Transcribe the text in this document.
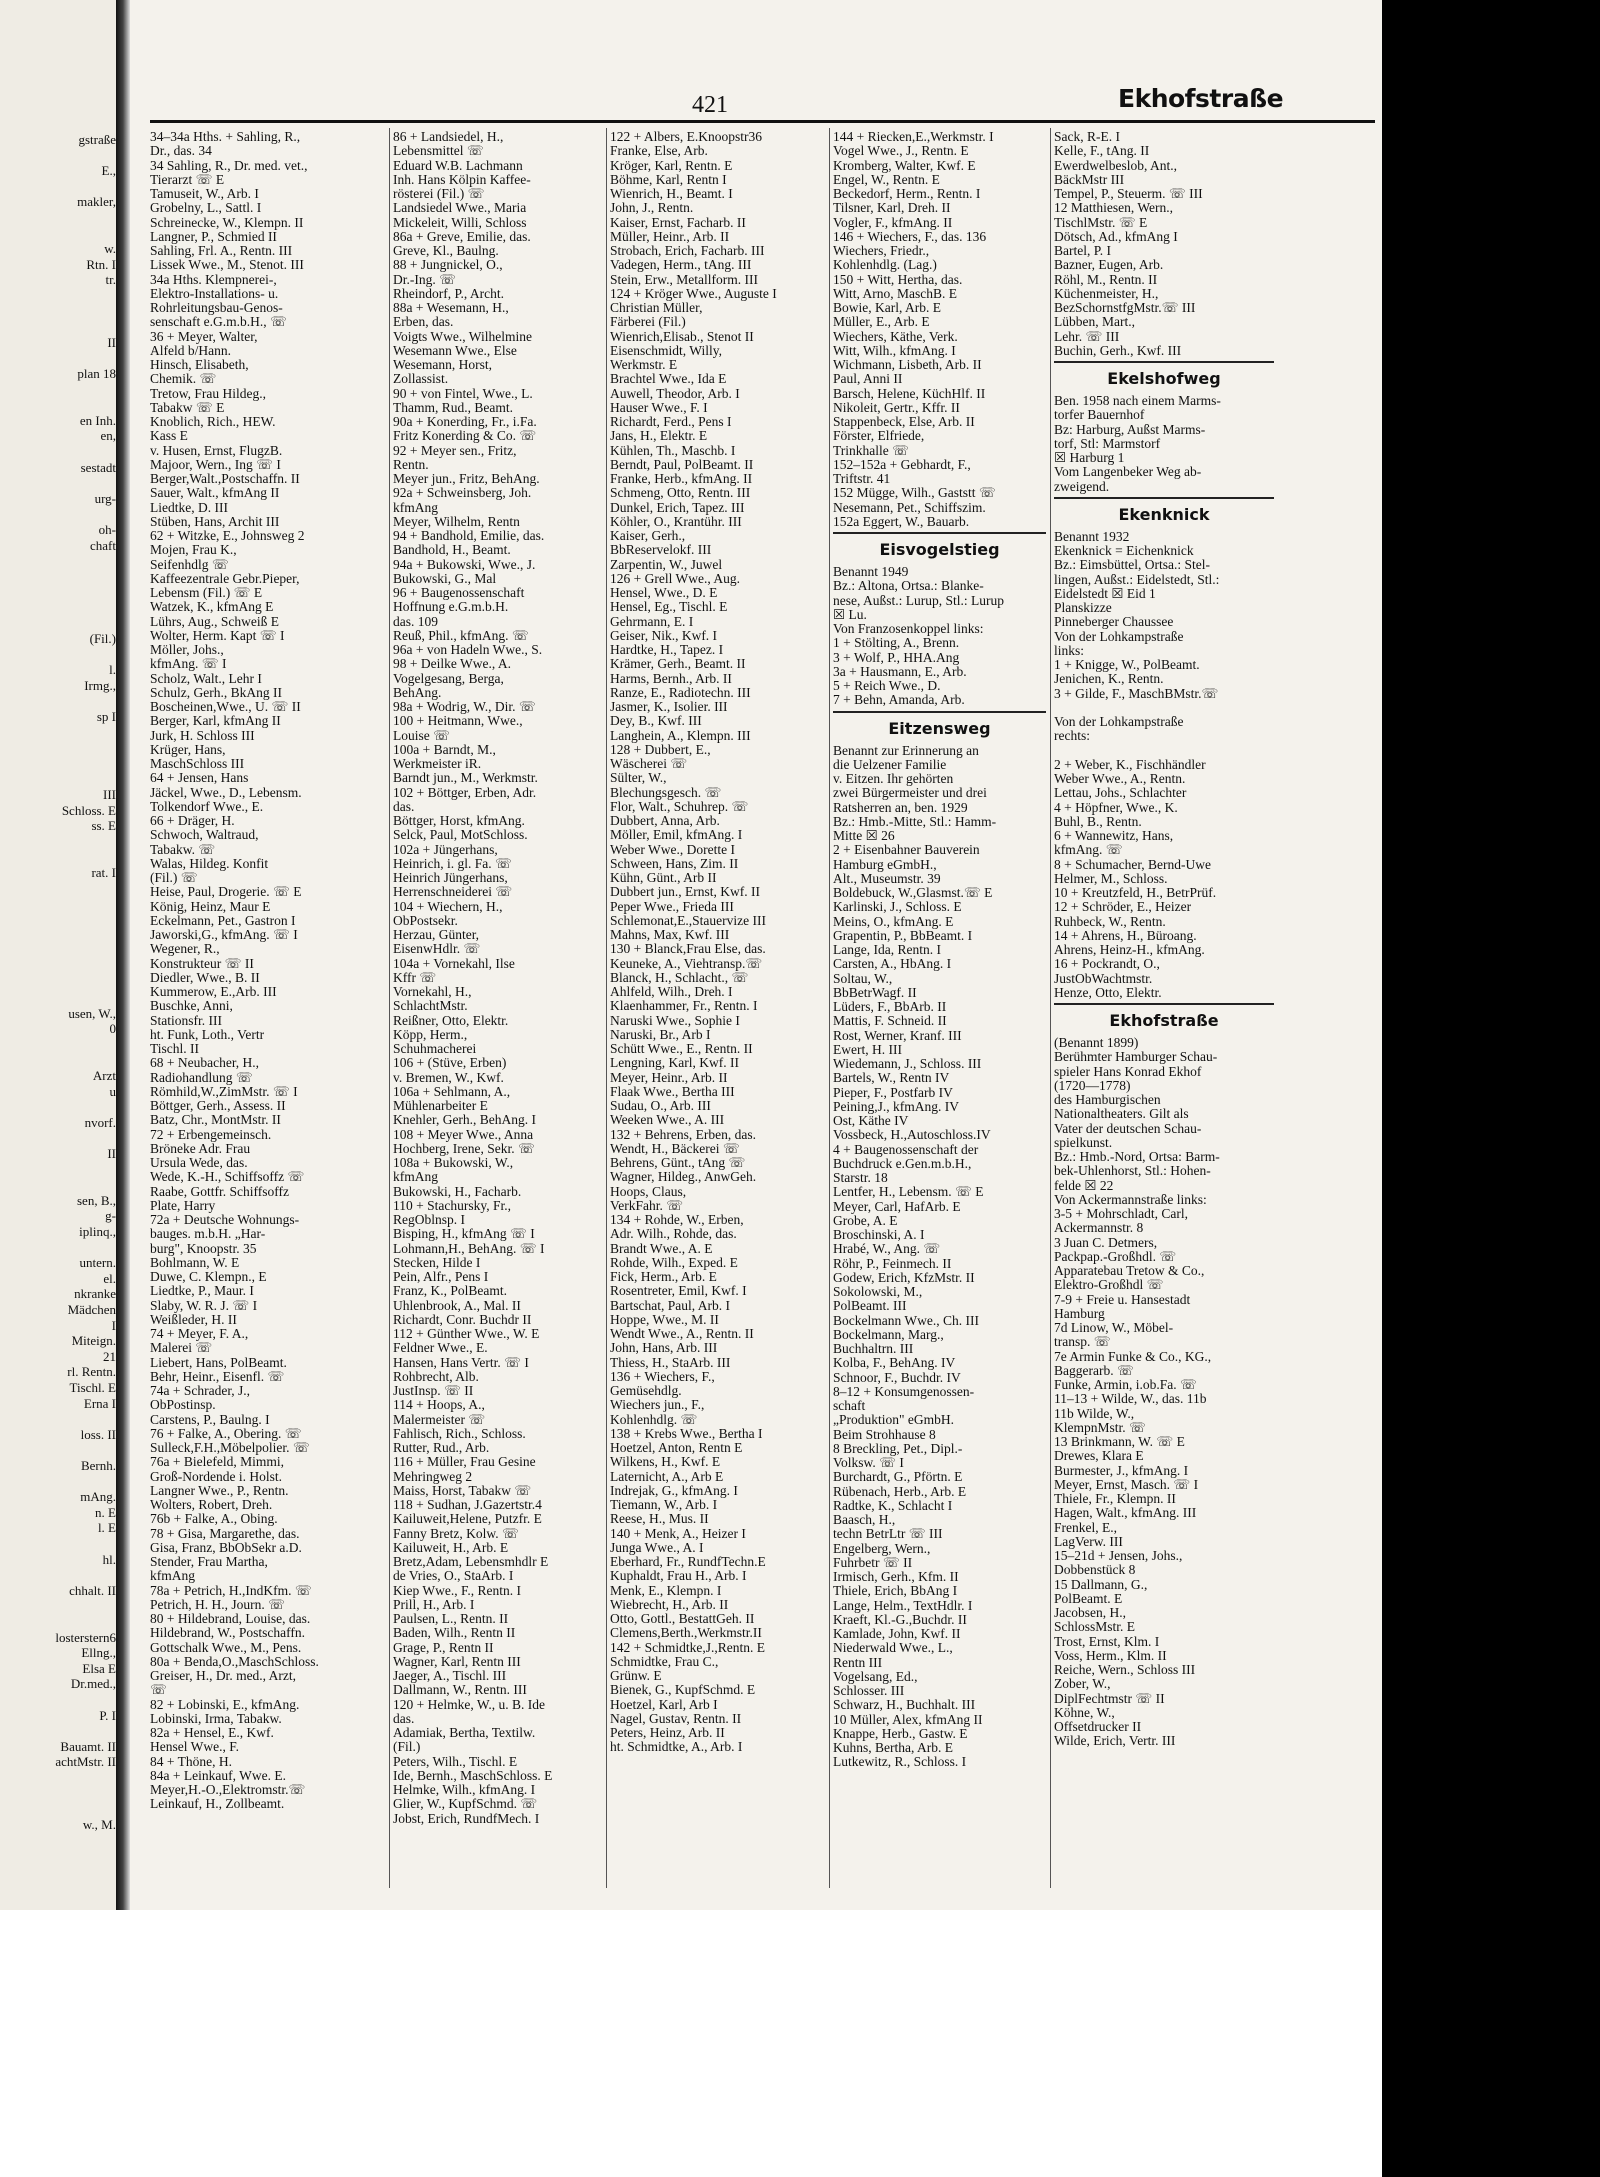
gstraße
E.,
makler,
w.
Rtn. I
tr.
II
plan 18
en Inh.
en,
sestadt
urg-
oh-
chaft
(Fil.)
l.
Irmg.,
sp I
III
Schloss. E
ss. E
rat. I
usen, W.,
0
Arzt
u
nvorf.
II
sen, B.,
g-
iplinq.,
untern.
el.
nkranke
Mädchen
I
Miteign.
21
rl. Rentn.
Tischl. E
Erna I
loss. II
Bernh.
mAng.
n. E
l. E
hl.
chhalt. II
losterstern6
Ellng.,
Elsa E
Dr.med.,
P. I
Bauamt. II
achtMstr. II
w., M.
421	Ekhofstraße
34–34a Hths. + Sahling, R.,
Dr., das. 34
34 Sahling, R., Dr. med. vet.,
Tierarzt ☏ E
Tamuseit, W., Arb. I
Grobelny, L., Sattl. I
Schreinecke, W., Klempn. II
Langner, P., Schmied II
Sahling, Frl. A., Rentn. III
Lissek Wwe., M., Stenot. III
34a Hths. Klempnerei-,
Elektro-Installations- u.
Rohrleitungsbau-Genos-
senschaft e.G.m.b.H., ☏
36 + Meyer, Walter,
Alfeld b/Hann.
Hinsch, Elisabeth,
Chemik. ☏
Tretow, Frau Hildeg.,
Tabakw ☏ E
Knoblich, Rich., HEW.
Kass E
v. Husen, Ernst, FlugzB.
Majoor, Wern., Ing ☏ I
Berger,Walt.,Postschaffn. II
Sauer, Walt., kfmAng II
Liedtke, D. III
Stüben, Hans, Archit III
62 + Witzke, E., Johnsweg 2
Mojen, Frau K.,
Seifenhdlg ☏
Kaffeezentrale Gebr.Pieper,
Lebensm (Fil.) ☏ E
Watzek, K., kfmAng E
Lührs, Aug., Schweiß E
Wolter, Herm. Kapt ☏ I
Möller, Johs.,
kfmAng. ☏ I
Scholz, Walt., Lehr I
Schulz, Gerh., BkAng II
Boscheinen,Wwe., U. ☏ II
Berger, Karl, kfmAng II
Jurk, H. Schloss III
Krüger, Hans,
MaschSchloss III
64 + Jensen, Hans
Jäckel, Wwe., D., Lebensm.
Tolkendorf Wwe., E.
66 + Dräger, H.
Schwoch, Waltraud,
Tabakw. ☏
Walas, Hildeg. Konfit
(Fil.) ☏
Heise, Paul, Drogerie. ☏ E
König, Heinz, Maur E
Eckelmann, Pet., Gastron I
Jaworski,G., kfmAng. ☏ I
Wegener, R.,
Konstrukteur ☏ II
Diedler, Wwe., B. II
Kummerow, E.,Arb. III
Buschke, Anni,
Stationsfr. III
ht. Funk, Loth., Vertr
Tischl. II
68 + Neubacher, H.,
Radiohandlung ☏
Römhild,W.,ZimMstr. ☏ I
Böttger, Gerh., Assess. II
Batz, Chr., MontMstr. II
72 + Erbengemeinsch.
Bröneke Adr. Frau
Ursula Wede, das.
Wede, K.-H., Schiffsoffz ☏
Raabe, Gottfr. Schiffsoffz
Plate, Harry
72a + Deutsche Wohnungs-
bauges. m.b.H. „Har-
burg", Knoopstr. 35
Bohlmann, W. E
Duwe, C. Klempn., E
Liedtke, P., Maur. I
Slaby, W. R. J. ☏ I
Weißleder, H. II
74 + Meyer, F. A.,
Malerei ☏
Liebert, Hans, PolBeamt.
Behr, Heinr., Eisenfl. ☏
74a + Schrader, J.,
ObPostinsp.
Carstens, P., Baulng. I
76 + Falke, A., Obering. ☏
Sulleck,F.H.,Möbelpolier. ☏
76a + Bielefeld, Mimmi,
Groß-Nordende i. Holst.
Langner Wwe., P., Rentn.
Wolters, Robert, Dreh.
76b + Falke, A., Obing.
78 + Gisa, Margarethe, das.
Gisa, Franz, BbObSekr a.D.
Stender, Frau Martha,
kfmAng
78a + Petrich, H.,IndKfm. ☏
Petrich, H. H., Journ. ☏
80 + Hildebrand, Louise, das.
Hildebrand, W., Postschaffn.
Gottschalk Wwe., M., Pens.
80a + Benda,O.,MaschSchloss.
Greiser, H., Dr. med., Arzt,
☏
82 + Lobinski, E., kfmAng.
Lobinski, Irma, Tabakw.
82a + Hensel, E., Kwf.
Hensel Wwe., F.
84 + Thöne, H.
84a + Leinkauf, Wwe. E.
Meyer,H.-O.,Elektromstr.☏
Leinkauf, H., Zollbeamt.
86 + Landsiedel, H.,
Lebensmittel ☏
Eduard W.B. Lachmann
Inh. Hans Kölpin Kaffee-
rösterei (Fil.) ☏
Landsiedel Wwe., Maria
Mickeleit, Willi, Schloss
86a + Greve, Emilie, das.
Greve, Kl., Baulng.
88 + Jungnickel, O.,
Dr.-Ing. ☏
Rheindorf, P., Archt.
88a + Wesemann, H.,
Erben, das.
Voigts Wwe., Wilhelmine
Wesemann Wwe., Else
Wesemann, Horst,
Zollassist.
90 + von Fintel, Wwe., L.
Thamm, Rud., Beamt.
90a + Konerding, Fr., i.Fa.
Fritz Konerding & Co. ☏
92 + Meyer sen., Fritz,
Rentn.
Meyer jun., Fritz, BehAng.
92a + Schweinsberg, Joh.
kfmAng
Meyer, Wilhelm, Rentn
94 + Bandhold, Emilie, das.
Bandhold, H., Beamt.
94a + Bukowski, Wwe., J.
Bukowski, G., Mal
96 + Baugenossenschaft
Hoffnung e.G.m.b.H.
das. 109
Reuß, Phil., kfmAng. ☏
96a + von Hadeln Wwe., S.
98 + Deilke Wwe., A.
Vogelgesang, Berga,
BehAng.
98a + Wodrig, W., Dir. ☏
100 + Heitmann, Wwe.,
Louise ☏
100a + Barndt, M.,
Werkmeister iR.
Barndt jun., M., Werkmstr.
102 + Böttger, Erben, Adr.
das.
Böttger, Horst, kfmAng.
Selck, Paul, MotSchloss.
102a + Jüngerhans,
Heinrich, i. gl. Fa. ☏
Heinrich Jüngerhans,
Herrenschneiderei ☏
104 + Wiechern, H.,
ObPostsekr.
Herzau, Günter,
EisenwHdlr. ☏
104a + Vornekahl, Ilse
Kffr ☏
Vornekahl, H.,
SchlachtMstr.
Reißner, Otto, Elektr.
Köpp, Herm.,
Schuhmacherei
106 + (Stüve, Erben)
v. Bremen, W., Kwf.
106a + Sehlmann, A.,
Mühlenarbeiter E
Knehler, Gerh., BehAng. I
108 + Meyer Wwe., Anna
Hochberg, Irene, Sekr. ☏
108a + Bukowski, W.,
kfmAng
Bukowski, H., Facharb.
110 + Stachursky, Fr.,
RegOblnsp. I
Bisping, H., kfmAng ☏ I
Lohmann,H., BehAng. ☏ I
Stecken, Hilde I
Pein, Alfr., Pens I
Franz, K., PolBeamt.
Uhlenbrook, A., Mal. II
Richardt, Conr. Buchdr II
112 + Günther Wwe., W. E
Feldner Wwe., E.
Hansen, Hans Vertr. ☏ I
Rohbrecht, Alb.
JustInsp. ☏ II
114 + Hoops, A.,
Malermeister ☏
Fahlisch, Rich., Schloss.
Rutter, Rud., Arb.
116 + Müller, Frau Gesine
Mehringweg 2
Maiss, Horst, Tabakw ☏
118 + Sudhan, J.Gazertstr.4
Kailuweit,Helene, Putzfr. E
Fanny Bretz, Kolw. ☏
Kailuweit, H., Arb. E
Bretz,Adam, Lebensmhdlr E
de Vries, O., StaArb. I
Kiep Wwe., F., Rentn. I
Prill, H., Arb. I
Paulsen, L., Rentn. II
Baden, Wilh., Rentn II
Grage, P., Rentn II
Wagner, Karl, Rentn III
Jaeger, A., Tischl. III
Dallmann, W., Rentn. III
120 + Helmke, W., u. B. Ide
das.
Adamiak, Bertha, Textilw.
(Fil.)
Peters, Wilh., Tischl. E
Ide, Bernh., MaschSchloss. E
Helmke, Wilh., kfmAng. I
Glier, W., KupfSchmd. ☏
Jobst, Erich, RundfMech. I
122 + Albers, E.Knoopstr36
Franke, Else, Arb.
Kröger, Karl, Rentn. E
Böhme, Karl, Rentn I
Wienrich, H., Beamt. I
John, J., Rentn.
Kaiser, Ernst, Facharb. II
Müller, Heinr., Arb. II
Strobach, Erich, Facharb. III
Vadegen, Herm., tAng. III
Stein, Erw., Metallform. III
124 + Kröger Wwe., Auguste I
Christian Müller,
Färberei (Fil.)
Wienrich,Elisab., Stenot II
Eisenschmidt, Willy,
Werkmstr. E
Brachtel Wwe., Ida E
Auwell, Theodor, Arb. I
Hauser Wwe., F. I
Richardt, Ferd., Pens I
Jans, H., Elektr. E
Kühlen, Th., Maschb. I
Berndt, Paul, PolBeamt. II
Franke, Herb., kfmAng. II
Schmeng, Otto, Rentn. III
Dunkel, Erich, Tapez. III
Köhler, O., Krantühr. III
Kaiser, Gerh.,
BbReservelokf. III
Zarpentin, W., Juwel
126 + Grell Wwe., Aug.
Hensel, Wwe., D. E
Hensel, Eg., Tischl. E
Gehrmann, E. I
Geiser, Nik., Kwf. I
Hardtke, H., Tapez. I
Krämer, Gerh., Beamt. II
Harms, Bernh., Arb. II
Ranze, E., Radiotechn. III
Jasmer, K., Isolier. III
Dey, B., Kwf. III
Langhein, A., Klempn. III
128 + Dubbert, E.,
Wäscherei ☏
Sülter, W.,
Blechungsgesch. ☏
Flor, Walt., Schuhrep. ☏
Dubbert, Anna, Arb.
Möller, Emil, kfmAng. I
Weber Wwe., Dorette I
Schween, Hans, Zim. II
Kühn, Günt., Arb II
Dubbert jun., Ernst, Kwf. II
Peper Wwe., Frieda III
Schlemonat,E.,Stauervize III
Mahns, Max, Kwf. III
130 + Blanck,Frau Else, das.
Keuneke, A., Viehtransp.☏
Blanck, H., Schlacht., ☏
Ahlfeld, Wilh., Dreh. I
Klaenhammer, Fr., Rentn. I
Naruski Wwe., Sophie I
Naruski, Br., Arb I
Schütt Wwe., E., Rentn. II
Lengning, Karl, Kwf. II
Meyer, Heinr., Arb. II
Flaak Wwe., Bertha III
Sudau, O., Arb. III
Weeken Wwe., A. III
132 + Behrens, Erben, das.
Wendt, H., Bäckerei ☏
Behrens, Günt., tAng ☏
Wagner, Hildeg., AnwGeh.
Hoops, Claus,
VerkFahr. ☏
134 + Rohde, W., Erben,
Adr. Wilh., Rohde, das.
Brandt Wwe., A. E
Rohde, Wilh., Exped. E
Fick, Herm., Arb. E
Rosentreter, Emil, Kwf. I
Bartschat, Paul, Arb. I
Hoppe, Wwe., M. II
Wendt Wwe., A., Rentn. II
John, Hans, Arb. III
Thiess, H., StaArb. III
136 + Wiechers, F.,
Gemüsehdlg.
Wiechers jun., F.,
Kohlenhdlg. ☏
138 + Krebs Wwe., Bertha I
Hoetzel, Anton, Rentn E
Wilkens, H., Kwf. E
Laternicht, A., Arb E
Indrejak, G., kfmAng. I
Tiemann, W., Arb. I
Reese, H., Mus. II
140 + Menk, A., Heizer I
Junga Wwe., A. I
Eberhard, Fr., RundfTechn.E
Kuphaldt, Frau H., Arb. I
Menk, E., Klempn. I
Wiebrecht, H., Arb. II
Otto, Gottl., BestattGeh. II
Clemens,Berth.,Werkmstr.II
142 + Schmidtke,J.,Rentn. E
Schmidtke, Frau C.,
Grünw. E
Bienek, G., KupfSchmd. E
Hoetzel, Karl, Arb I
Nagel, Gustav, Rentn. II
Peters, Heinz, Arb. II
ht. Schmidtke, A., Arb. I
144 + Riecken,E.,Werkmstr. I
Vogel Wwe., J., Rentn. E
Kromberg, Walter, Kwf. E
Engel, W., Rentn. E
Beckedorf, Herm., Rentn. I
Tilsner, Karl, Dreh. II
Vogler, F., kfmAng. II
146 + Wiechers, F., das. 136
Wiechers, Friedr.,
Kohlenhdlg. (Lag.)
150 + Witt, Hertha, das.
Witt, Arno, MaschB. E
Bowie, Karl, Arb. E
Müller, E., Arb. E
Wiechers, Käthe, Verk.
Witt, Wilh., kfmAng. I
Wichmann, Lisbeth, Arb. II
Paul, Anni II
Barsch, Helene, KüchHlf. II
Nikoleit, Gertr., Kffr. II
Stappenbeck, Else, Arb. II
Förster, Elfriede,
Trinkhalle ☏
152–152a + Gebhardt, F.,
Triftstr. 41
152 Mügge, Wilh., Gaststt ☏
Nesemann, Pet., Schiffszim.
152a Eggert, W., Bauarb.
Eisvogelstieg
Benannt 1949
Bz.: Altona, Ortsa.: Blanke-
nese, Außst.: Lurup, Stl.: Lurup
☒ Lu.
Von Franzosenkoppel links:
1 + Stölting, A., Brenn.
3 + Wolf, P., HHA.Ang
3a + Hausmann, E., Arb.
5 + Reich Wwe., D.
7 + Behn, Amanda, Arb.
Eitzensweg
Benannt zur Erinnerung an
die Uelzener Familie
v. Eitzen. Ihr gehörten
zwei Bürgermeister und drei
Ratsherren an, ben. 1929
Bz.: Hmb.-Mitte, Stl.: Hamm-
Mitte ☒ 26
2 + Eisenbahner Bauverein
Hamburg eGmbH.,
Alt., Museumstr. 39
Boldebuck, W.,Glasmst.☏ E
Karlinski, J., Schloss. E
Meins, O., kfmAng. E
Grapentin, P., BbBeamt. I
Lange, Ida, Rentn. I
Carsten, A., HbAng. I
Soltau, W.,
BbBetrWagf. II
Lüders, F., BbArb. II
Mattis, F. Schneid. II
Rost, Werner, Kranf. III
Ewert, H. III
Wiedemann, J., Schloss. III
Bartels, W., Rentn IV
Pieper, F., Postfarb IV
Peining,J., kfmAng. IV
Ost, Käthe IV
Vossbeck, H.,Autoschloss.IV
4 + Baugenossenschaft der
Buchdruck e.Gen.m.b.H.,
Starstr. 18
Lentfer, H., Lebensm. ☏ E
Meyer, Carl, HafArb. E
Grobe, A. E
Broschinski, A. I
Hrabé, W., Ang. ☏
Röhr, P., Feinmech. II
Godew, Erich, KfzMstr. II
Sokolowski, M.,
PolBeamt. III
Bockelmann Wwe., Ch. III
Bockelmann, Marg.,
Buchhaltrn. III
Kolba, F., BehAng. IV
Schnoor, F., Buchdr. IV
8–12 + Konsumgenossen-
schaft
„Produktion" eGmbH.
Beim Strohhause 8
8 Breckling, Pet., Dipl.-
Volksw. ☏ I
Burchardt, G., Pförtn. E
Rübenach, Herb., Arb. E
Radtke, K., Schlacht I
Baasch, H.,
techn BetrLtr ☏ III
Engelberg, Wern.,
Fuhrbetr ☏ II
Irmisch, Gerh., Kfm. II
Thiele, Erich, BbAng I
Lange, Helm., TextHdlr. I
Kraeft, Kl.-G.,Buchdr. II
Kamlade, John, Kwf. II
Niederwald Wwe., L.,
Rentn III
Vogelsang, Ed.,
Schlosser. III
Schwarz, H., Buchhalt. III
10 Müller, Alex, kfmAng II
Knappe, Herb., Gastw. E
Kuhns, Bertha, Arb. E
Lutkewitz, R., Schloss. I
Sack, R-E. I
Kelle, F., tAng. II
Ewerdwelbeslob, Ant.,
BäckMstr III
Tempel, P., Steuerm. ☏ III
12 Matthiesen, Wern.,
TischlMstr. ☏ E
Dötsch, Ad., kfmAng I
Bartel, P. I
Bazner, Eugen, Arb.
Röhl, M., Rentn. II
Küchenmeister, H.,
BezSchornstfgMstr.☏ III
Lübben, Mart.,
Lehr. ☏ III
Buchin, Gerh., Kwf. III
Ekelshofweg
Ben. 1958 nach einem Marms-
torfer Bauernhof
Bz: Harburg, Außst Marms-
torf, Stl: Marmstorf
☒ Harburg 1
Vom Langenbeker Weg ab-
zweigend.
Ekenknick
Benannt 1932
Ekenknick = Eichenknick
Bz.: Eimsbüttel, Ortsa.: Stel-
lingen, Außst.: Eidelstedt, Stl.:
Eidelstedt ☒ Eid 1
Planskizze
Pinneberger Chaussee
Von der Lohkampstraße
links:
1 + Knigge, W., PolBeamt.
Jenichen, K., Rentn.
3 + Gilde, F., MaschBMstr.☏

Von der Lohkampstraße
rechts:

2 + Weber, K., Fischhändler
Weber Wwe., A., Rentn.
Lettau, Johs., Schlachter
4 + Höpfner, Wwe., K.
Buhl, B., Rentn.
6 + Wannewitz, Hans,
kfmAng. ☏
8 + Schumacher, Bernd-Uwe
Helmer, M., Schloss.
10 + Kreutzfeld, H., BetrPrüf.
12 + Schröder, E., Heizer
Ruhbeck, W., Rentn.
14 + Ahrens, H., Büroang.
Ahrens, Heinz-H., kfmAng.
16 + Pockrandt, O.,
JustObWachtmstr.
Henze, Otto, Elektr.
Ekhofstraße
(Benannt 1899)
Berühmter Hamburger Schau-
spieler Hans Konrad Ekhof
(1720—1778)
des Hamburgischen
Nationaltheaters. Gilt als
Vater der deutschen Schau-
spielkunst.
Bz.: Hmb.-Nord, Ortsa: Barm-
bek-Uhlenhorst, Stl.: Hohen-
felde ☒ 22
Von Ackermannstraße links:
3-5 + Mohrschladt, Carl,
Ackermannstr. 8
3 Juan C. Detmers,
Packpap.-Großhdl. ☏
Apparatebau Tretow & Co.,
Elektro-Großhdl ☏
7-9 + Freie u. Hansestadt
Hamburg
7d Linow, W., Möbel-
transp. ☏
7e Armin Funke & Co., KG.,
Baggerarb. ☏
Funke, Armin, i.ob.Fa. ☏
11–13 + Wilde, W., das. 11b
11b Wilde, W.,
KlempnMstr. ☏
13 Brinkmann, W. ☏ E
Drewes, Klara E
Burmester, J., kfmAng. I
Meyer, Ernst, Masch. ☏ I
Thiele, Fr., Klempn. II
Hagen, Walt., kfmAng. III
Frenkel, E.,
LagVerw. III
15–21d + Jensen, Johs.,
Dobbenstück 8
15 Dallmann, G.,
PolBeamt. E
Jacobsen, H.,
SchlossMstr. E
Trost, Ernst, Klm. I
Voss, Herm., Klm. II
Reiche, Wern., Schloss III
Zober, W.,
DiplFechtmstr ☏ II
Köhne, W.,
Offsetdrucker II
Wilde, Erich, Vertr. III
